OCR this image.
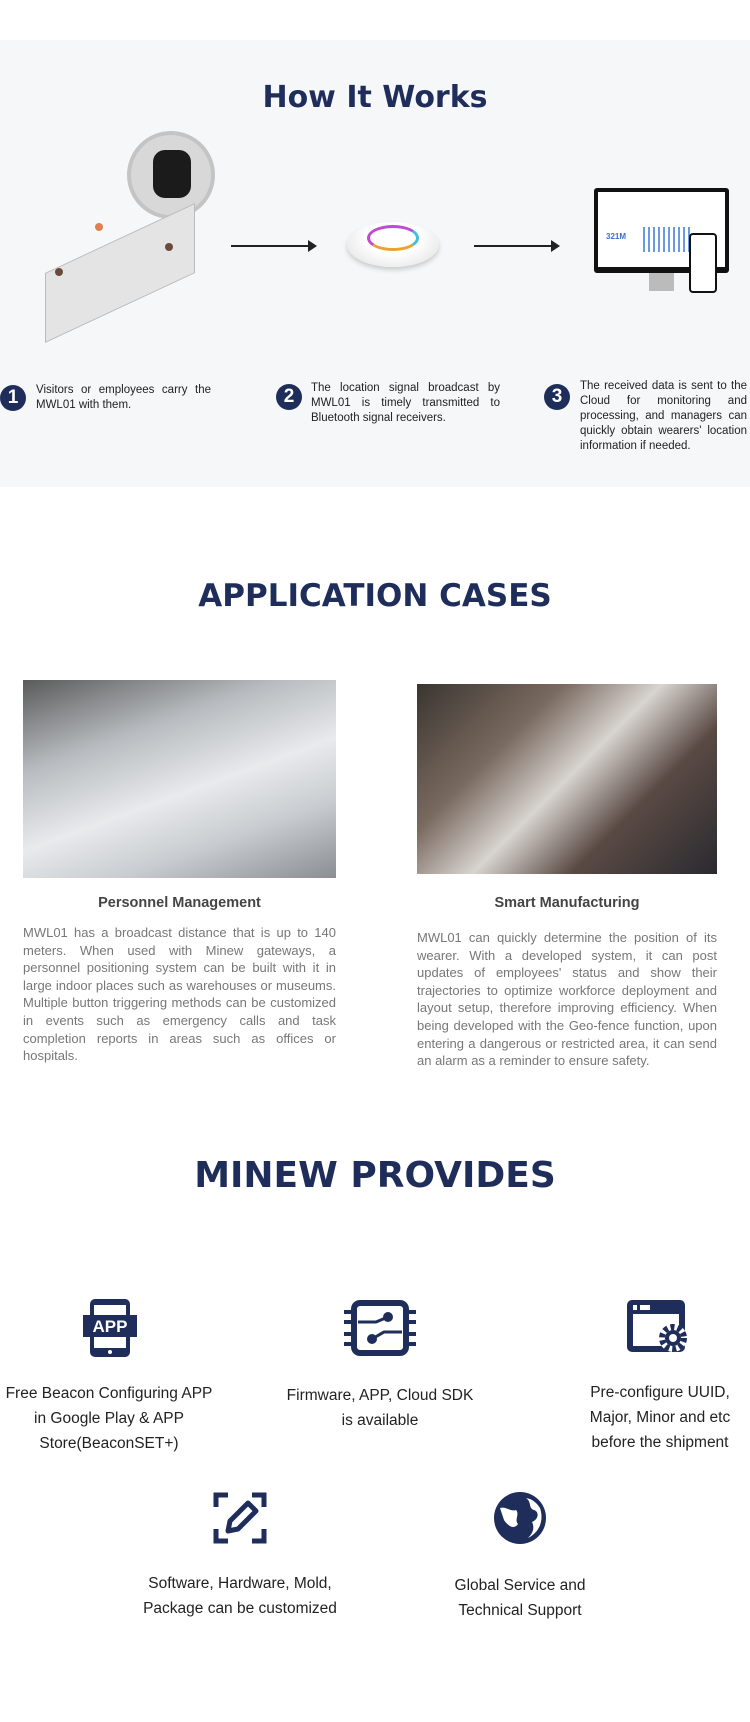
How It Works
321M
1	Visitors or employees carry the MWL01 with them.	2	The location signal broadcast by MWL01 is timely transmitted to Bluetooth signal receivers.
3	The received data is sent to the Cloud for monitoring and processing, and managers can quickly obtain wearers' location information if needed.
APPLICATION CASES
Personnel Management
MWL01 has a broadcast distance that is up to 140 meters. When used with Minew gateways, a personnel positioning system can be built with it in large indoor places such as warehouses or museums. Multiple button triggering methods can be customized in events such as emergency calls and task completion reports in areas such as offices or hospitals.
Smart Manufacturing
MWL01 can quickly determine the position of its wearer. With a developed system, it can post updates of employees' status and show their trajectories to optimize workforce deployment and layout setup, therefore improving efficiency. When being developed with the Geo-fence function, upon entering a dangerous or restricted area, it can send an alarm as a reminder to ensure safety.
MINEW PROVIDES
APP
Free Beacon Configuring APP in Google Play & APP Store(BeaconSET+)
Firmware, APP, Cloud SDK is available
Pre-configure UUID, Major, Minor and etc before the shipment
Software, Hardware, Mold, Package can be customized
Global Service and Technical Support
